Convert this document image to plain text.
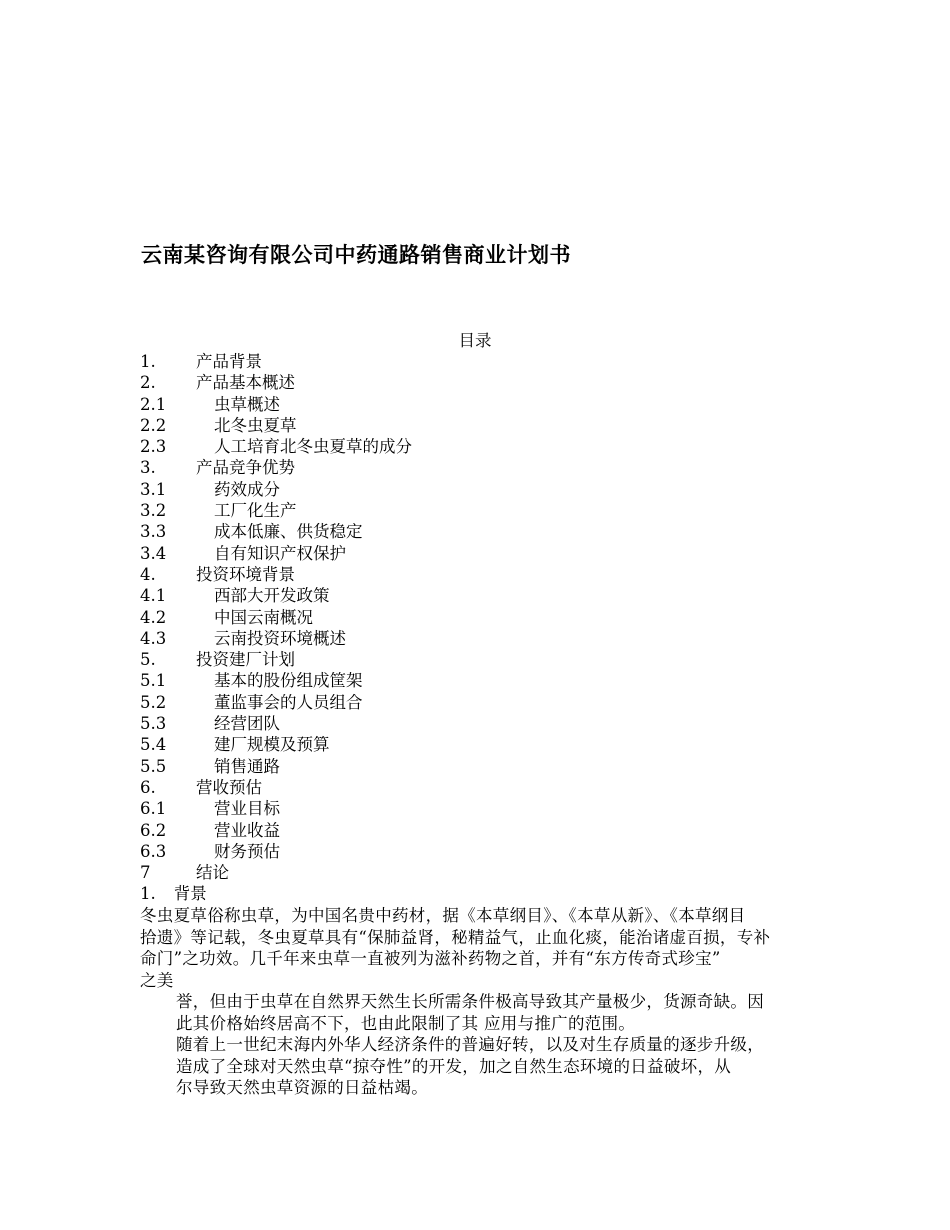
云南某咨询有限公司中药通路销售商业计划书
目录
1. 产品背景
2. 产品基本概述
2.1	虫草概述
2.2	北冬虫夏草
2.3	人工培育北冬虫夏草的成分
3. 产品竞争优势
3.1	药效成分
3.2	工厂化生产
3.3	成本低廉、供货稳定
3.4	自有知识产权保护
4. 投资环境背景
4.1	西部大开发政策
4.2	中国云南概况
4.3	云南投资环境概述
5. 投资建厂计划
5.1	基本的股份组成筐架
5.2	董监事会的人员组合
5.3	经营团队
5.4	建厂规模及预算
5.5	销售通路
6. 营收预估
6.1	营业目标
6.2	营业收益
6.3	财务预估
7	结论
1. 背景
冬虫夏草俗称虫草，为中国名贵中药材，据《本草纲目》、《本草从新》、《本草纲目
拾遗》等记载，冬虫夏草具有“保肺益肾，秘精益气，止血化痰，能治诸虚百损，专补
命门”之功效。几千年来虫草一直被列为滋补药物之首，并有“东方传奇式珍宝”
之美
誉，但由于虫草在自然界天然生长所需条件极高导致其产量极少，货源奇缺。因
此其价格始终居高不下，也由此限制了其 应用与推广的范围。
随着上一世纪末海内外华人经济条件的普遍好转，以及对生存质量的逐步升级，
造成了全球对天然虫草“掠夺性”的开发，加之自然生态环境的日益破坏，从
尔导致天然虫草资源的日益枯竭。
